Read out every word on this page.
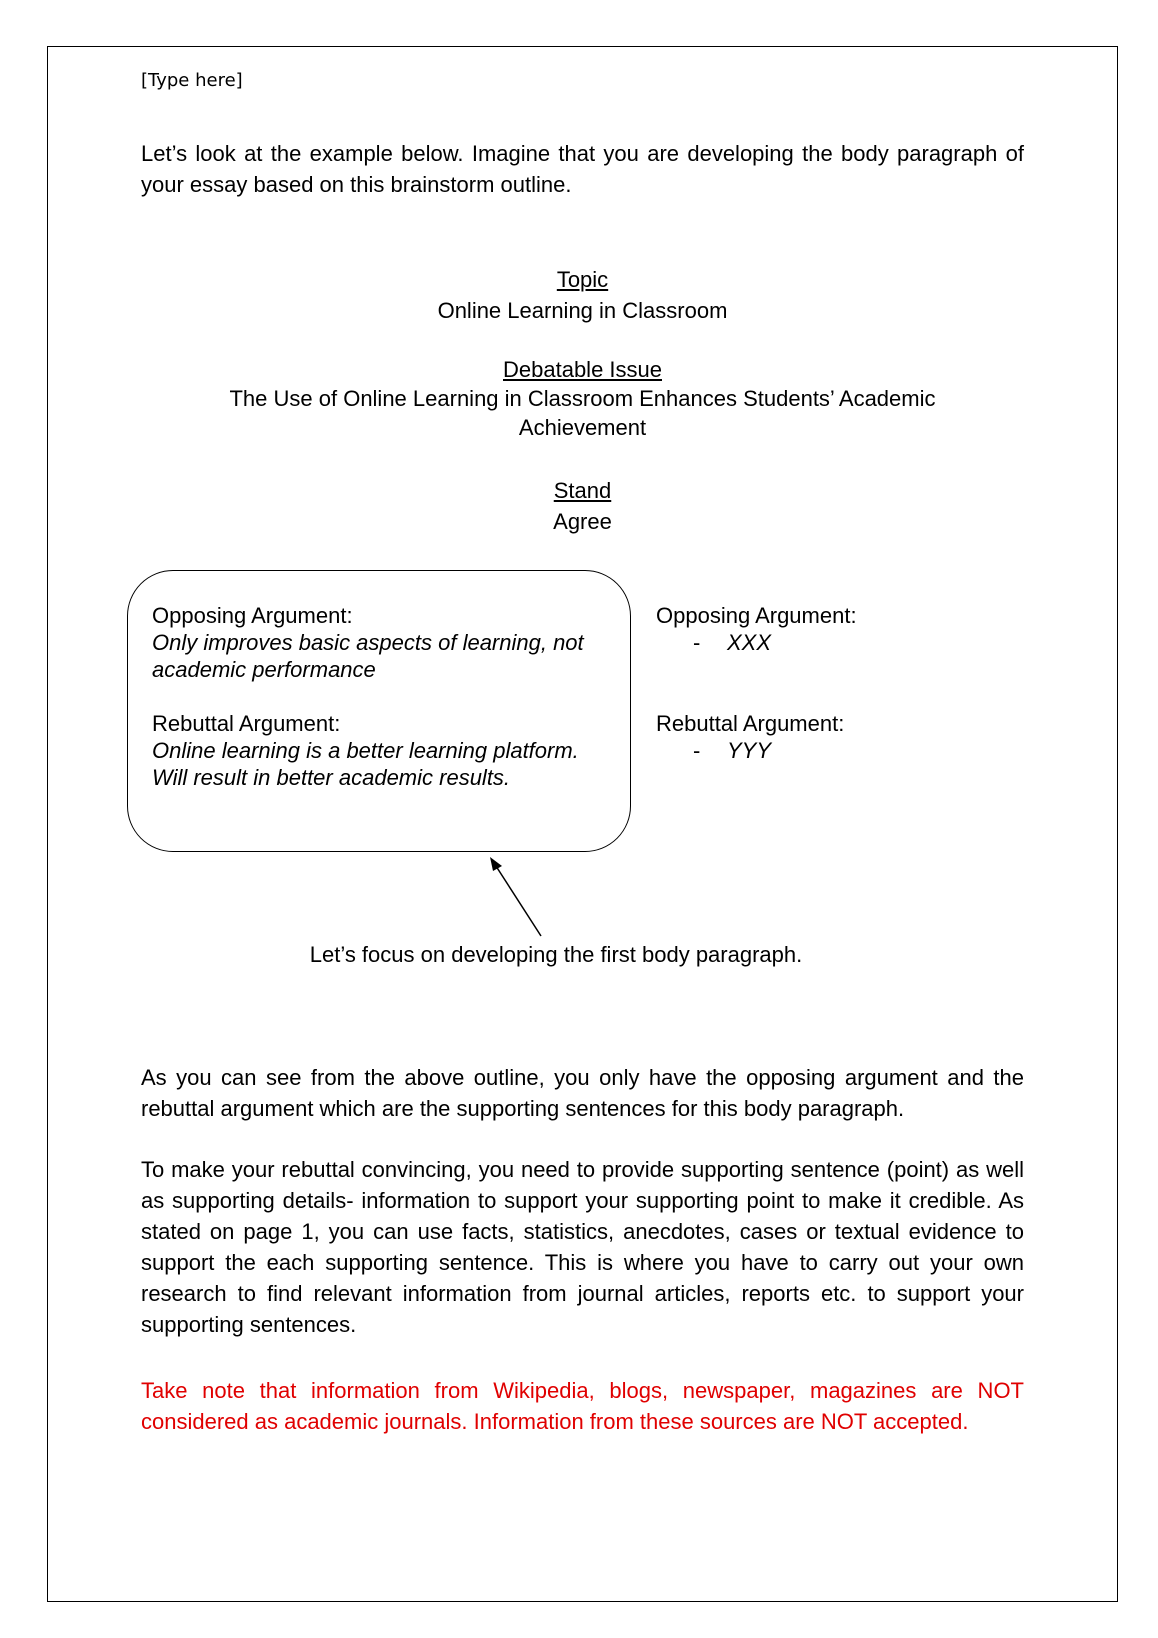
[Type here]
Let’s look at the example below. Imagine that you are developing the body paragraph of your essay based on this brainstorm outline.
Topic
Online Learning in Classroom
Debatable Issue
The Use of Online Learning in Classroom Enhances Students’ Academic
Achievement
Stand
Agree
Opposing Argument:
Only improves basic aspects of learning, not
academic performance
Rebuttal Argument:
Online learning is a better learning platform.
Will result in better academic results.
Opposing Argument:
- XXX
Rebuttal Argument:
- YYY
Let’s focus on developing the first body paragraph.
As you can see from the above outline, you only have the opposing argument and the rebuttal argument which are the supporting sentences for this body paragraph.
To make your rebuttal convincing, you need to provide supporting sentence (point) as well as supporting details- information to support your supporting point to make it credible. As stated on page 1, you can use facts, statistics, anecdotes, cases or textual evidence to support the each supporting sentence. This is where you have to carry out your own research to find relevant information from journal articles, reports etc. to support your supporting sentences.
Take note that information from Wikipedia, blogs, newspaper, magazines are NOT considered as academic journals. Information from these sources are NOT accepted.
